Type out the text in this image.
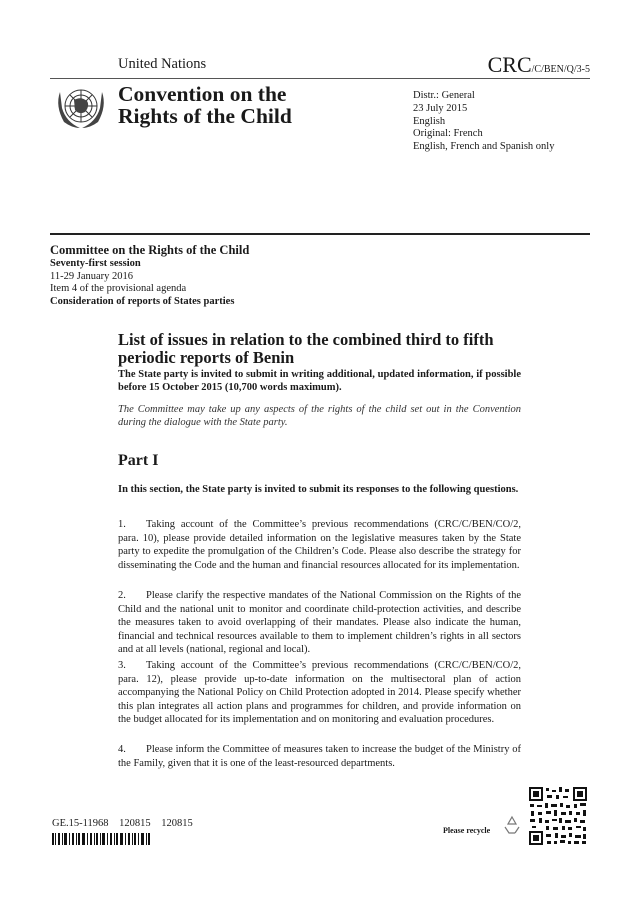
United Nations	CRC/C/BEN/Q/3-5
Convention on the
Rights of the Child
Distr.: General
23 July 2015
English
Original: French
English, French and Spanish only
Committee on the Rights of the Child
Seventy-first session
11-29 January 2016
Item 4 of the provisional agenda
Consideration of reports of States parties
List of issues in relation to the combined third to fifth periodic reports of Benin
The State party is invited to submit in writing additional, updated information, if possible before 15 October 2015 (10,700 words maximum).
The Committee may take up any aspects of the rights of the child set out in the Convention during the dialogue with the State party.
Part I
In this section, the State party is invited to submit its responses to the following questions.
1. Taking account of the Committee’s previous recommendations (CRC/C/BEN/CO/2, para. 10), please provide detailed information on the legislative measures taken by the State party to expedite the promulgation of the Children’s Code. Please also describe the strategy for disseminating the Code and the human and financial resources allocated for its implementation.
2. Please clarify the respective mandates of the National Commission on the Rights of the Child and the national unit to monitor and coordinate child-protection activities, and describe the measures taken to avoid overlapping of their mandates. Please also indicate the human, financial and technical resources available to them to implement children’s rights in all sectors and at all levels (national, regional and local).
3. Taking account of the Committee’s previous recommendations (CRC/C/BEN/CO/2, para. 12), please provide up-to-date information on the multisectoral plan of action accompanying the National Policy on Child Protection adopted in 2014. Please specify whether this plan integrates all action plans and programmes for children, and provide information on the budget allocated for its implementation and on monitoring and evaluation procedures.
4. Please inform the Committee of measures taken to increase the budget of the Ministry of the Family, given that it is one of the least-resourced departments.
GE.15-11968 120815 120815
Please recycle
